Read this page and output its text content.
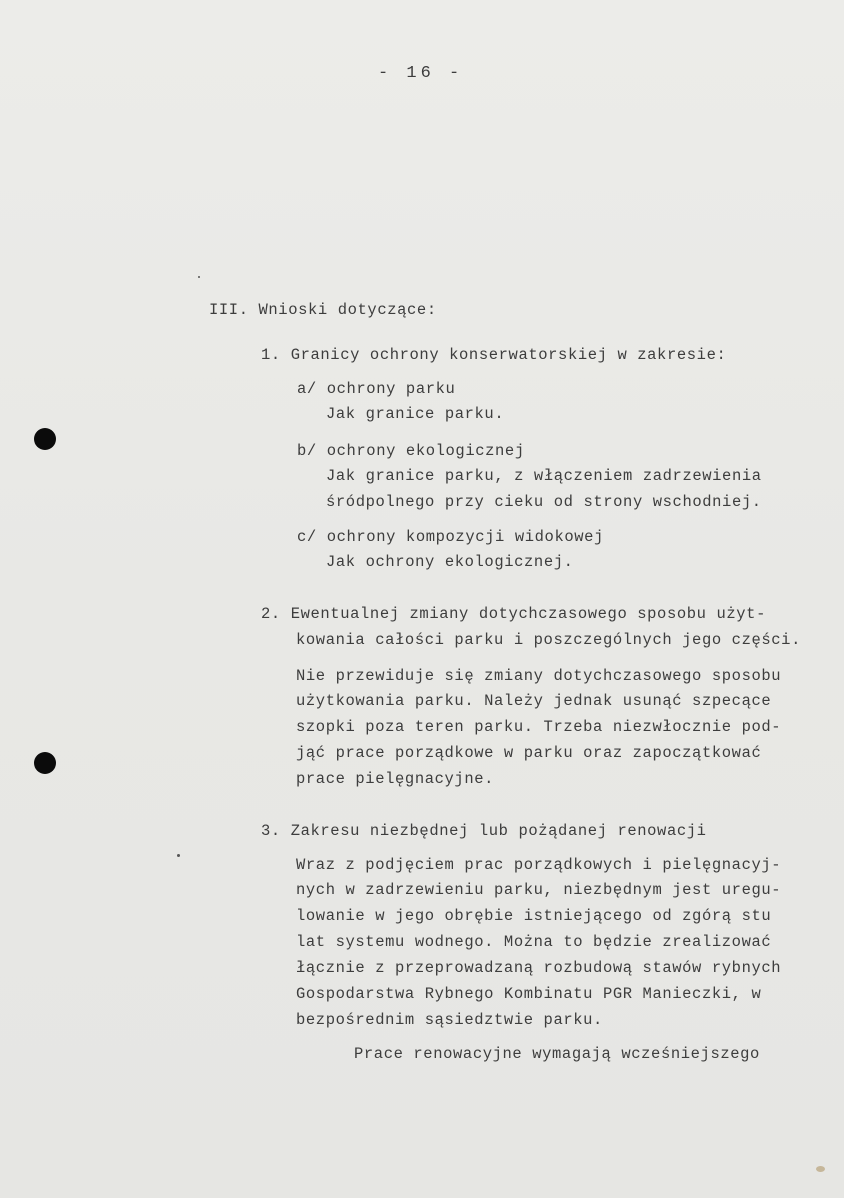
- 16 -
III. Wnioski dotyczące:
1. Granicy ochrony konserwatorskiej w zakresie:
a/ ochrony parku
Jak granice parku.
b/ ochrony ekologicznej
Jak granice parku, z włączeniem zadrzewienia
śródpolnego przy cieku od strony wschodniej.
c/ ochrony kompozycji widokowej
Jak ochrony ekologicznej.
2. Ewentualnej zmiany dotychczasowego sposobu użyt-
kowania całości parku i poszczególnych jego części.
Nie przewiduje się zmiany dotychczasowego sposobu
użytkowania parku. Należy jednak usunąć szpecące
szopki poza teren parku. Trzeba niezwłocznie pod-
jąć prace porządkowe w parku oraz zapoczątkować
prace pielęgnacyjne.
3. Zakresu niezbędnej lub pożądanej renowacji
Wraz z podjęciem prac porządkowych i pielęgnacyj-
nych w zadrzewieniu parku, niezbędnym jest uregu-
lowanie w jego obrębie istniejącego od zgórą stu
lat systemu wodnego. Można to będzie zrealizować
łącznie z przeprowadzaną rozbudową stawów rybnych
Gospodarstwa Rybnego Kombinatu PGR Manieczki, w
bezpośrednim sąsiedztwie parku.
Prace renowacyjne wymagają wcześniejszego
